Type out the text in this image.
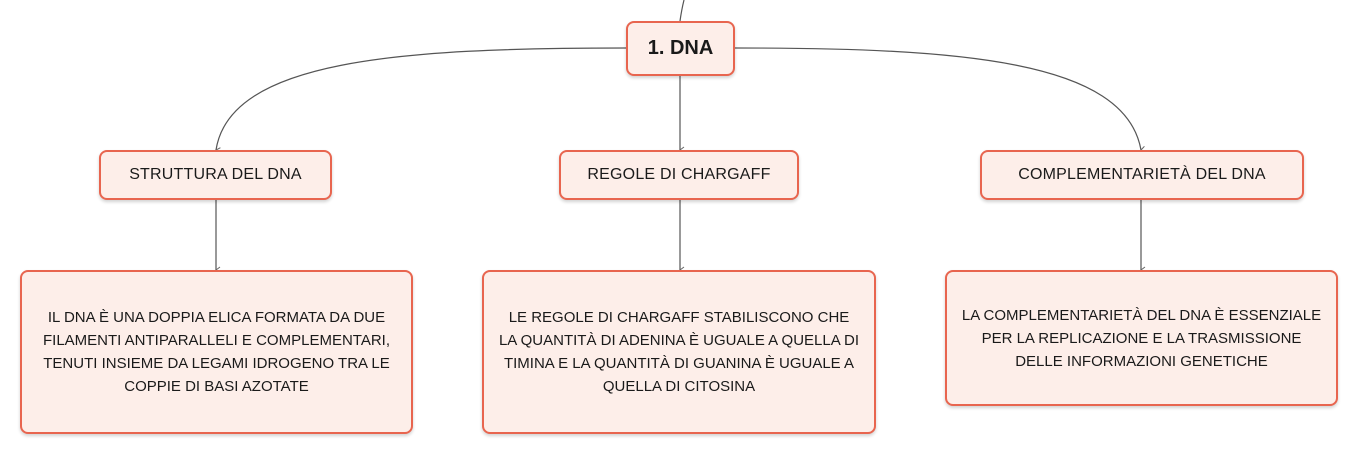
1. DNA
STRUTTURA DEL DNA	REGOLE DI CHARGAFF	COMPLEMENTARIETÀ DEL DNA
IL DNA È UNA DOPPIA ELICA FORMATA DA DUE FILAMENTI ANTIPARALLELI E COMPLEMENTARI, TENUTI INSIEME DA LEGAMI IDROGENO TRA LE COPPIE DI BASI AZOTATE
LE REGOLE DI CHARGAFF STABILISCONO CHE LA QUANTITÀ DI ADENINA È UGUALE A QUELLA DI TIMINA E LA QUANTITÀ DI GUANINA È UGUALE A QUELLA DI CITOSINA
LA COMPLEMENTARIETÀ DEL DNA È ESSENZIALE PER LA REPLICAZIONE E LA TRASMISSIONE DELLE INFORMAZIONI GENETICHE
